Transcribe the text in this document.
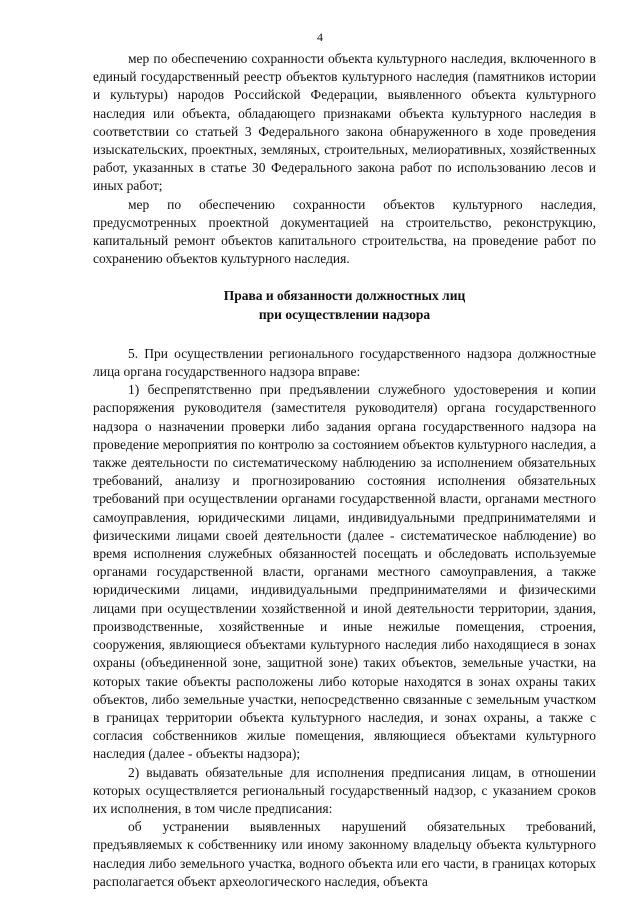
4

мер по обеспечению сохранности объекта культурного наследия, включенного в единый государственный реестр объектов культурного наследия (памятников истории и культуры) народов Российской Федерации, выявленного объекта культурного наследия или объекта, обладающего признаками объекта культурного наследия в соответствии со статьей 3 Федерального закона обнаруженного в ходе проведения изыскательских, проектных, земляных, строительных, мелиоративных, хозяйственных работ, указанных в статье 30 Федерального закона работ по использованию лесов и иных работ;

мер по обеспечению сохранности объектов культурного наследия, предусмотренных проектной документацией на строительство, реконструкцию, капитальный ремонт объектов капитального строительства, на проведение работ по сохранению объектов культурного наследия.

Права и обязанности должностных лиц
при осуществлении надзора

5. При осуществлении регионального государственного надзора должностные лица органа государственного надзора вправе:

1) беспрепятственно при предъявлении служебного удостоверения и копии распоряжения руководителя (заместителя руководителя) органа государственного надзора о назначении проверки либо задания органа государственного надзора на проведение мероприятия по контролю за состоянием объектов культурного наследия, а также деятельности по систематическому наблюдению за исполнением обязательных требований, анализу и прогнозированию состояния исполнения обязательных требований при осуществлении органами государственной власти, органами местного самоуправления, юридическими лицами, индивидуальными предпринимателями и физическими лицами своей деятельности (далее - систематическое наблюдение) во время исполнения служебных обязанностей посещать и обследовать используемые органами государственной власти, органами местного самоуправления, а также юридическими лицами, индивидуальными предпринимателями и физическими лицами при осуществлении хозяйственной и иной деятельности территории, здания, производственные, хозяйственные и иные нежилые помещения, строения, сооружения, являющиеся объектами культурного наследия либо находящиеся в зонах охраны (объединенной зоне, защитной зоне) таких объектов, земельные участки, на которых такие объекты расположены либо которые находятся в зонах охраны таких объектов, либо земельные участки, непосредственно связанные с земельным участком в границах территории объекта культурного наследия, и зонах охраны, а также с согласия собственников жилые помещения, являющиеся объектами культурного наследия (далее - объекты надзора);

2) выдавать обязательные для исполнения предписания лицам, в отношении которых осуществляется региональный государственный надзор, с указанием сроков их исполнения, в том числе предписания:

об устранении выявленных нарушений обязательных требований, предъявляемых к собственнику или иному законному владельцу объекта культурного наследия либо земельного участка, водного объекта или его части, в границах которых располагается объект археологического наследия, объекта
